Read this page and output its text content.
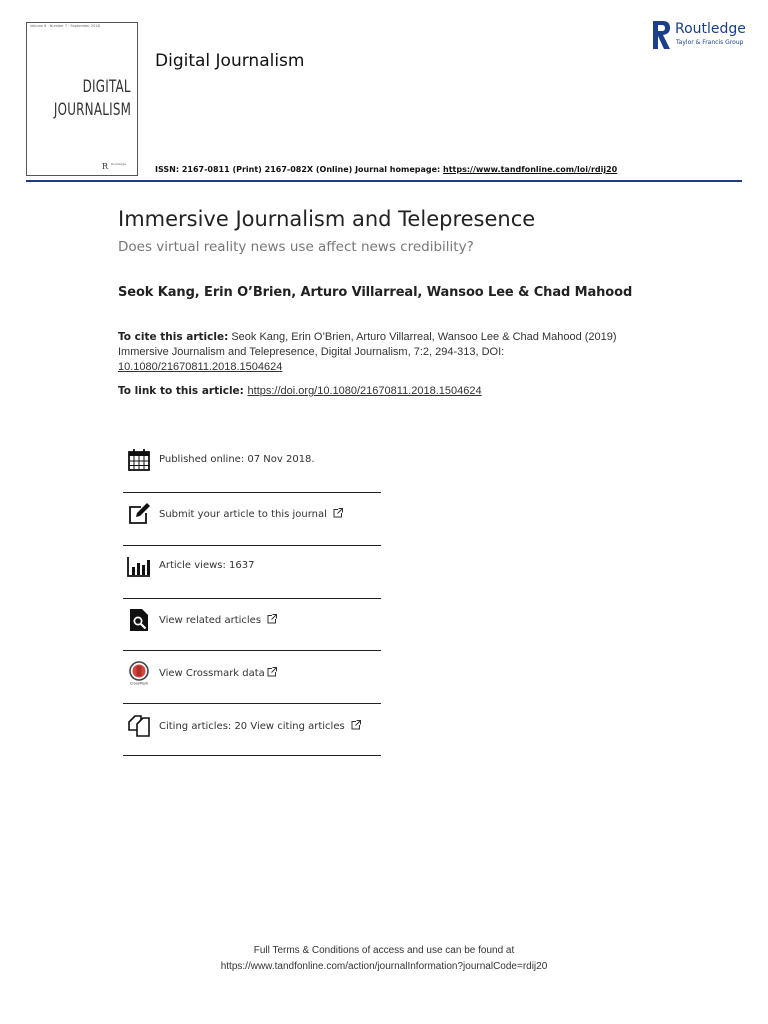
Volume 8 · Number 7 · September 2018
DIGITAL
JOURNALISM
R Routledge
Digital Journalism
Routledge
Taylor & Francis Group
ISSN: 2167-0811 (Print) 2167-082X (Online) Journal homepage: https://www.tandfonline.com/loi/rdij20
Immersive Journalism and Telepresence
Does virtual reality news use affect news credibility?
Seok Kang, Erin O’Brien, Arturo Villarreal, Wansoo Lee & Chad Mahood
To cite this article: Seok Kang, Erin O’Brien, Arturo Villarreal, Wansoo Lee & Chad Mahood (2019) Immersive Journalism and Telepresence, Digital Journalism, 7:2, 294-313, DOI:
10.1080/21670811.2018.1504624
To link to this article: https://doi.org/10.1080/21670811.2018.1504624
Published online: 07 Nov 2018.
Submit your article to this journal
Article views: 1637
View related articles
CrossMark
View Crossmark data
Citing articles: 20 View citing articles
Full Terms & Conditions of access and use can be found at
https://www.tandfonline.com/action/journalInformation?journalCode=rdij20
